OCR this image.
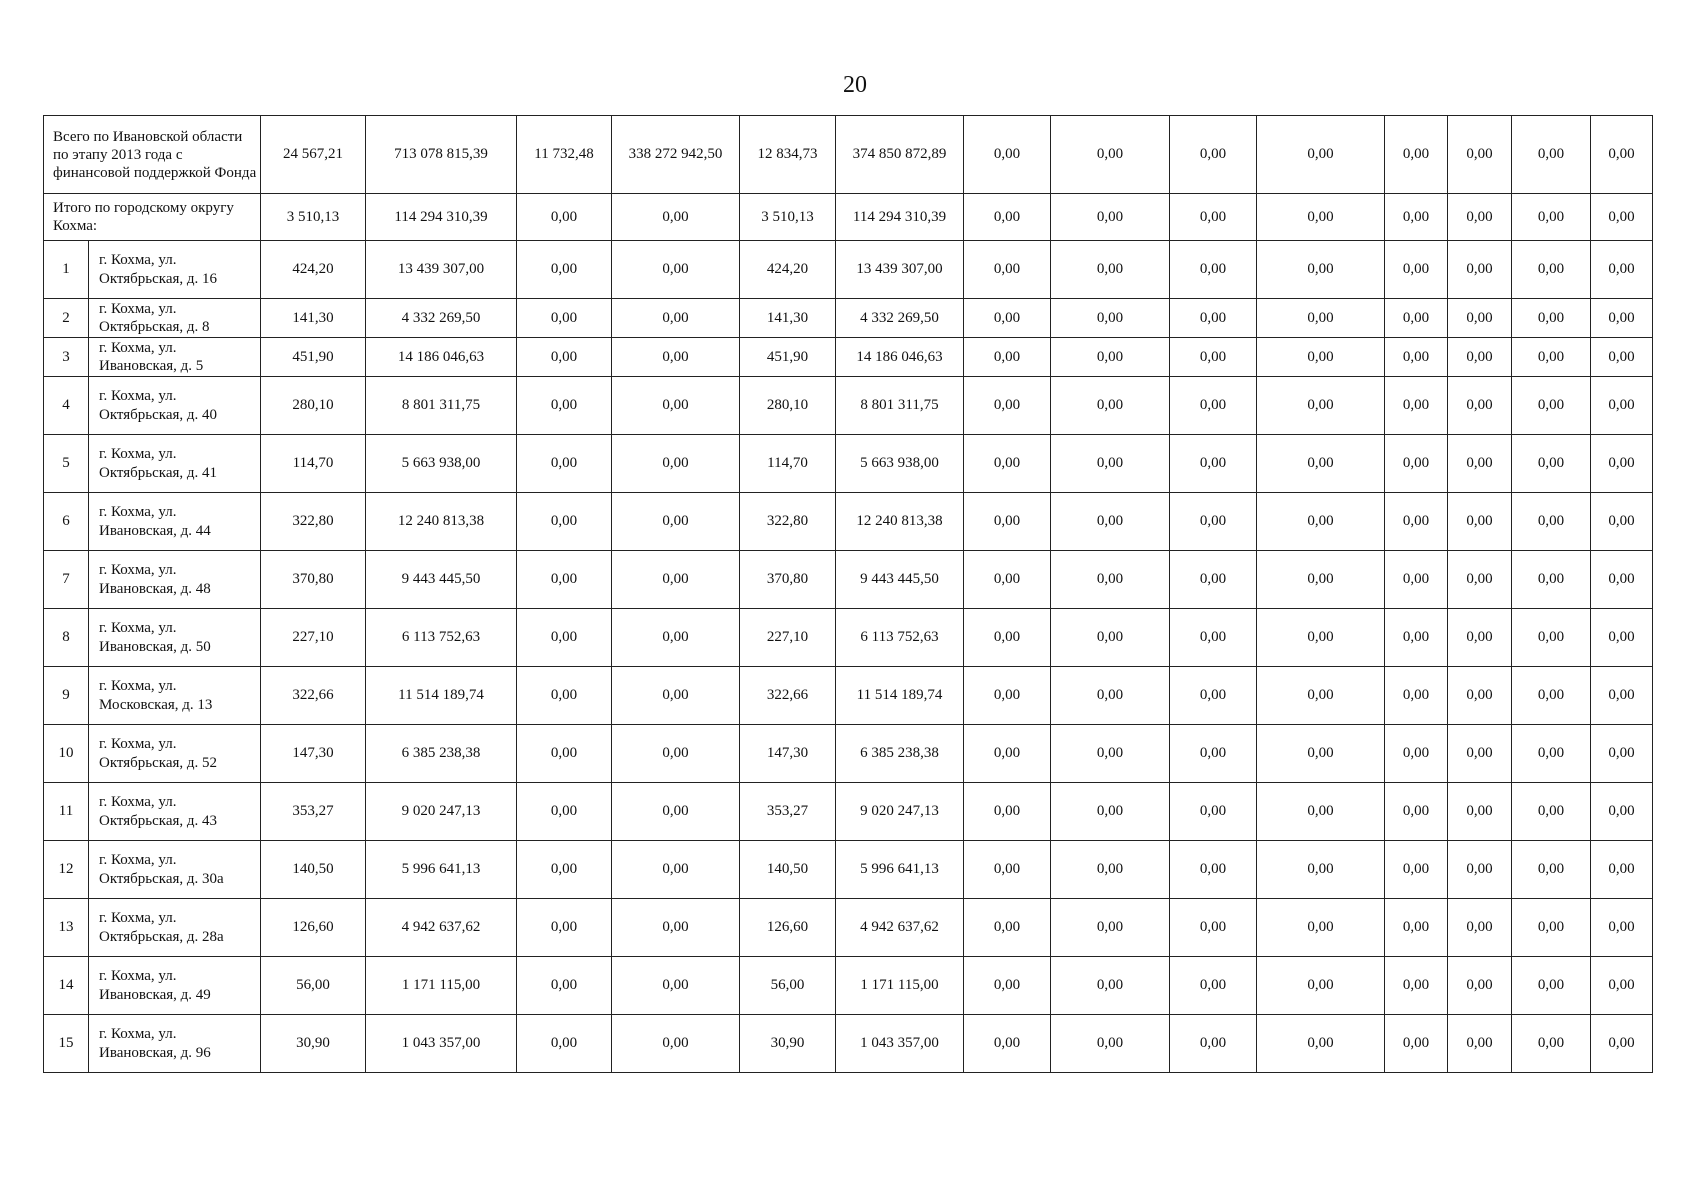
20
Всего по Ивановской области по этапу 2013 года с финансовой поддержкой Фонда		24 567,21	713 078 815,39	11 732,48	338 272 942,50	12 834,73	374 850 872,89	0,00	0,00	0,00	0,00	0,00	0,00	0,00	0,00
Итого по городскому округу Кохма:		3 510,13	114 294 310,39	0,00	0,00	3 510,13	114 294 310,39	0,00	0,00	0,00	0,00	0,00	0,00	0,00	0,00
1	г. Кохма, ул. Октябрьская, д. 16	424,20	13 439 307,00	0,00	0,00	424,20	13 439 307,00	0,00	0,00	0,00	0,00	0,00	0,00	0,00	0,00
2	г. Кохма, ул. Октябрьская, д. 8	141,30	4 332 269,50	0,00	0,00	141,30	4 332 269,50	0,00	0,00	0,00	0,00	0,00	0,00	0,00	0,00
3	г. Кохма, ул. Ивановская, д. 5	451,90	14 186 046,63	0,00	0,00	451,90	14 186 046,63	0,00	0,00	0,00	0,00	0,00	0,00	0,00	0,00
4	г. Кохма, ул. Октябрьская, д. 40	280,10	8 801 311,75	0,00	0,00	280,10	8 801 311,75	0,00	0,00	0,00	0,00	0,00	0,00	0,00	0,00
5	г. Кохма, ул. Октябрьская, д. 41	114,70	5 663 938,00	0,00	0,00	114,70	5 663 938,00	0,00	0,00	0,00	0,00	0,00	0,00	0,00	0,00
6	г. Кохма, ул. Ивановская, д. 44	322,80	12 240 813,38	0,00	0,00	322,80	12 240 813,38	0,00	0,00	0,00	0,00	0,00	0,00	0,00	0,00
7	г. Кохма, ул. Ивановская, д. 48	370,80	9 443 445,50	0,00	0,00	370,80	9 443 445,50	0,00	0,00	0,00	0,00	0,00	0,00	0,00	0,00
8	г. Кохма, ул. Ивановская, д. 50	227,10	6 113 752,63	0,00	0,00	227,10	6 113 752,63	0,00	0,00	0,00	0,00	0,00	0,00	0,00	0,00
9	г. Кохма, ул. Московская, д. 13	322,66	11 514 189,74	0,00	0,00	322,66	11 514 189,74	0,00	0,00	0,00	0,00	0,00	0,00	0,00	0,00
10	г. Кохма, ул. Октябрьская, д. 52	147,30	6 385 238,38	0,00	0,00	147,30	6 385 238,38	0,00	0,00	0,00	0,00	0,00	0,00	0,00	0,00
11	г. Кохма, ул. Октябрьская, д. 43	353,27	9 020 247,13	0,00	0,00	353,27	9 020 247,13	0,00	0,00	0,00	0,00	0,00	0,00	0,00	0,00
12	г. Кохма, ул. Октябрьская, д. 30а	140,50	5 996 641,13	0,00	0,00	140,50	5 996 641,13	0,00	0,00	0,00	0,00	0,00	0,00	0,00	0,00
13	г. Кохма, ул. Октябрьская, д. 28а	126,60	4 942 637,62	0,00	0,00	126,60	4 942 637,62	0,00	0,00	0,00	0,00	0,00	0,00	0,00	0,00
14	г. Кохма, ул. Ивановская, д. 49	56,00	1 171 115,00	0,00	0,00	56,00	1 171 115,00	0,00	0,00	0,00	0,00	0,00	0,00	0,00	0,00
15	г. Кохма, ул. Ивановская, д. 96	30,90	1 043 357,00	0,00	0,00	30,90	1 043 357,00	0,00	0,00	0,00	0,00	0,00	0,00	0,00	0,00
